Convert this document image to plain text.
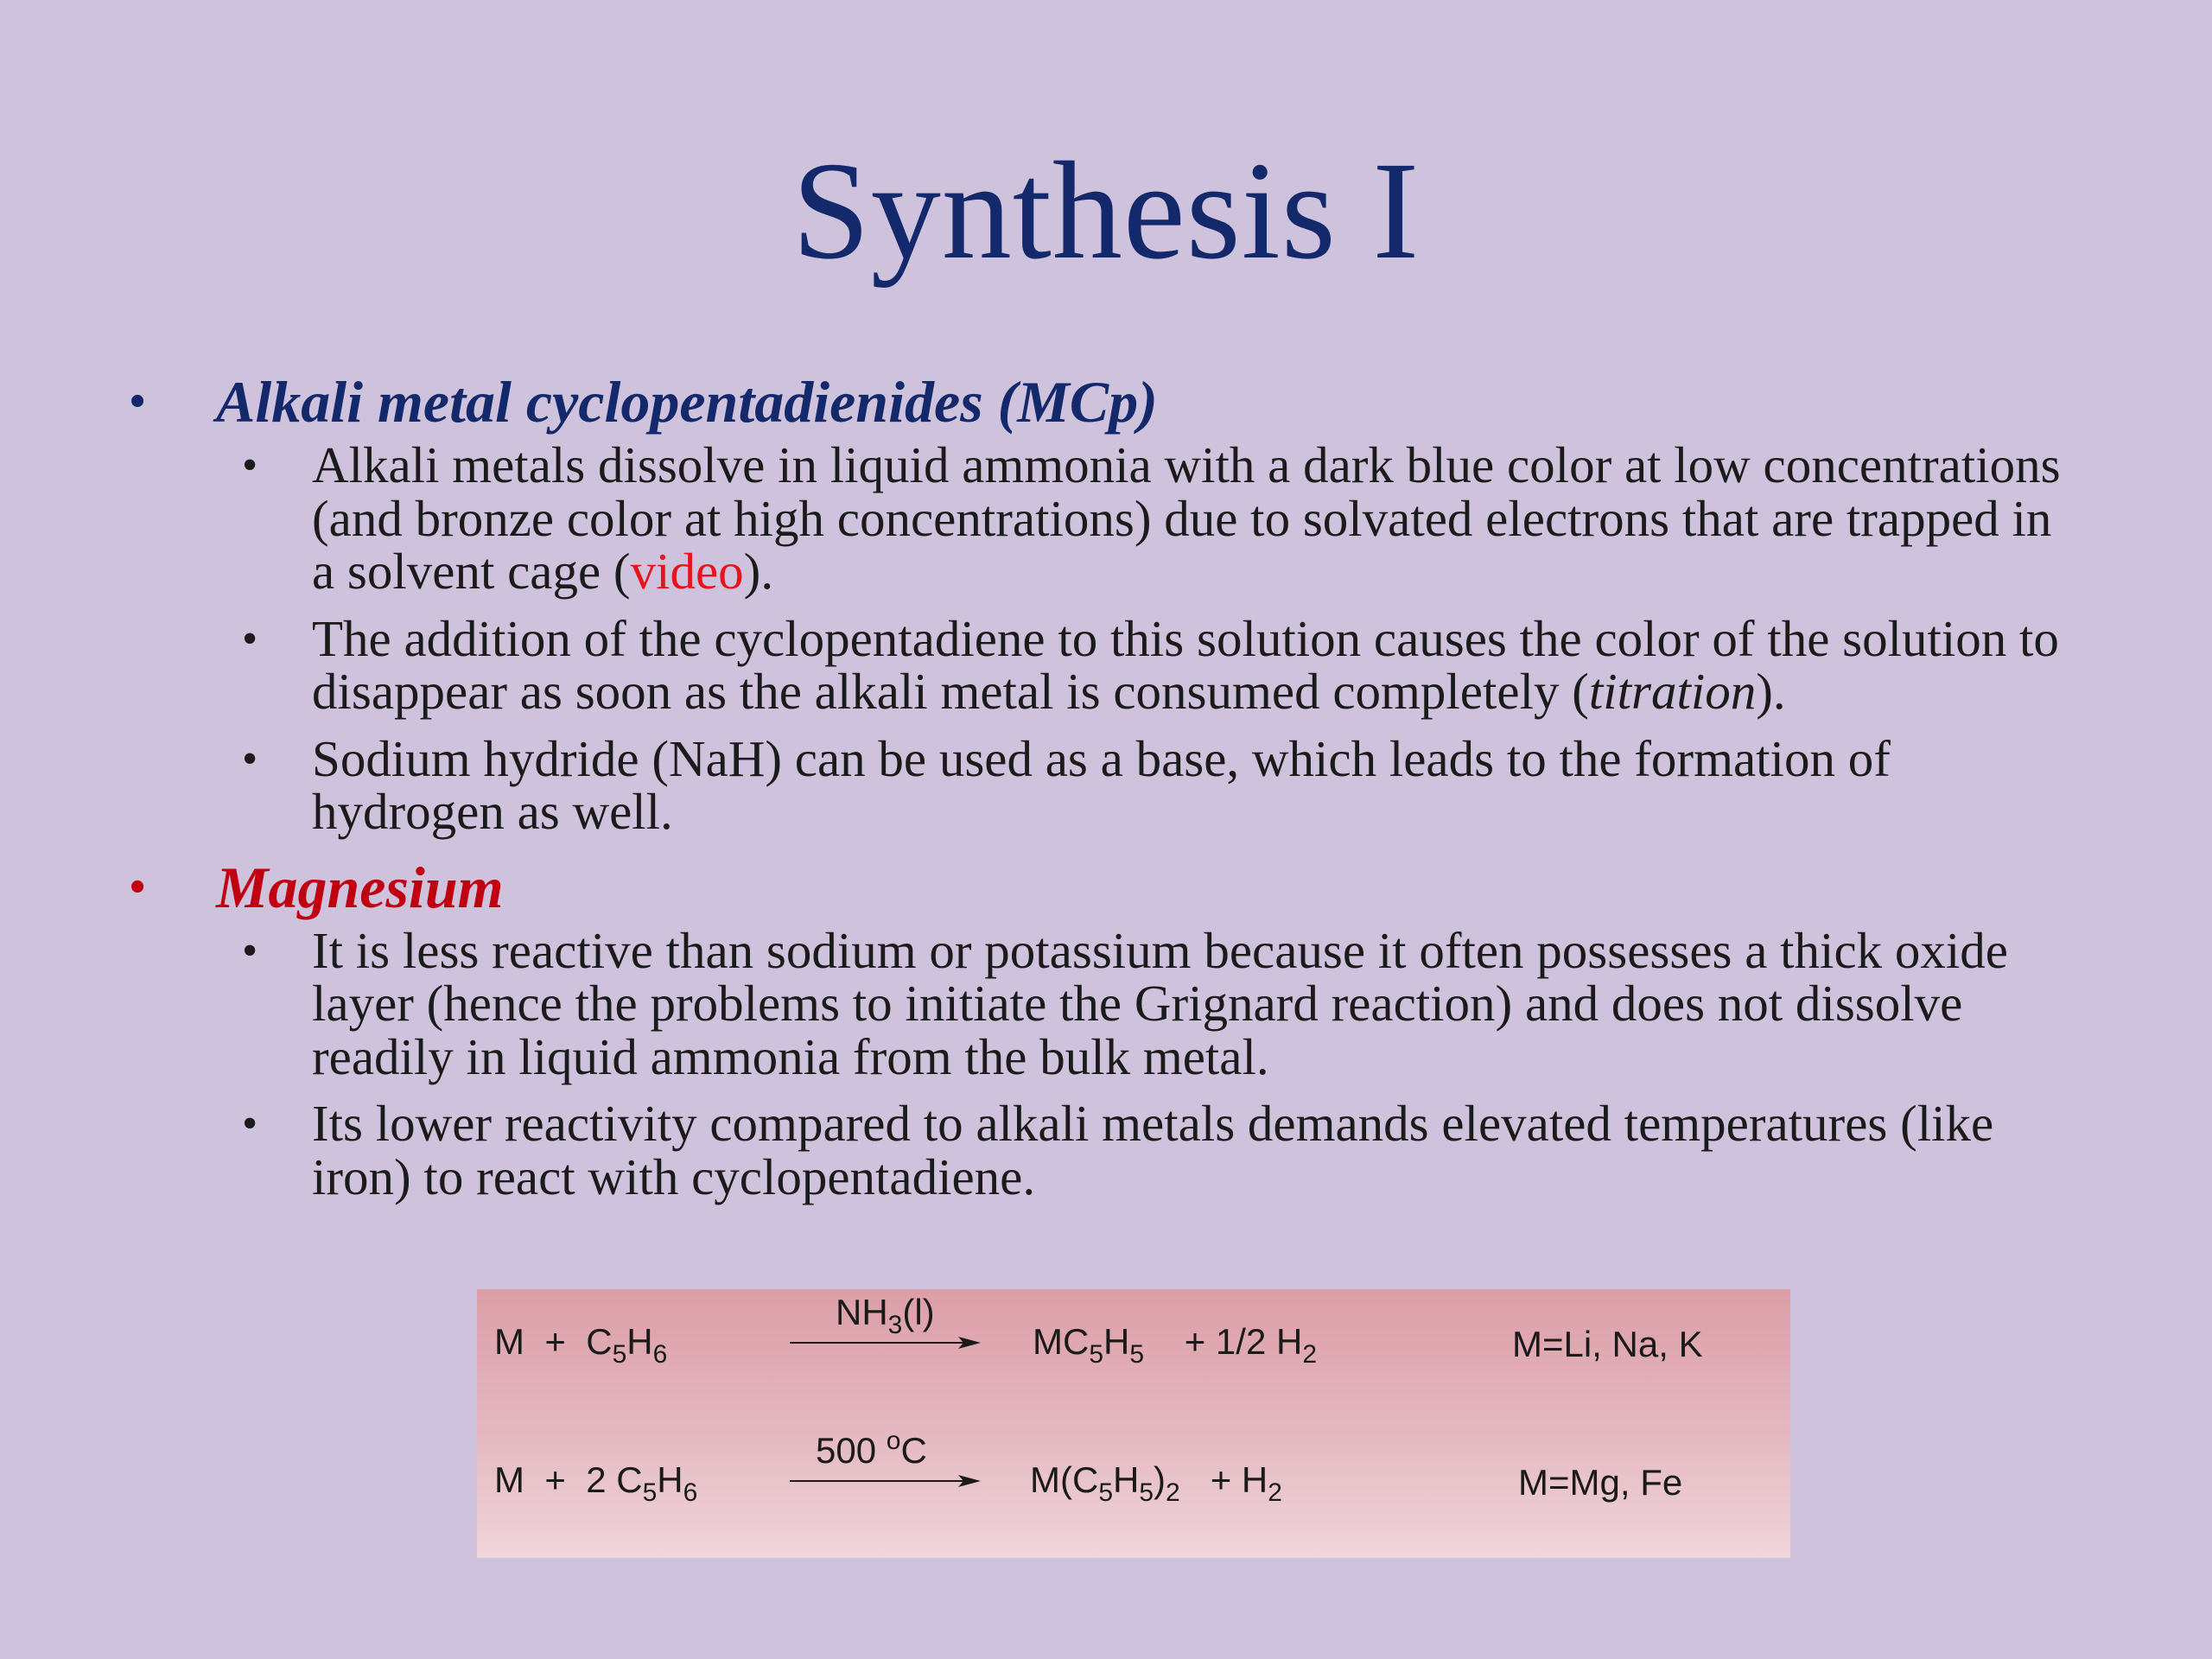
Synthesis I
• Alkali metal cyclopentadienides (MCp)
• Alkali metals dissolve in liquid ammonia with a dark blue color at low concentrations (and bronze color at high concentrations) due to solvated electrons that are trapped in a solvent cage (video).
• The addition of the cyclopentadiene to this solution causes the color of the solution to disappear as soon as the alkali metal is consumed completely (titration).
• Sodium hydride (NaH) can be used as a base, which leads to the formation of hydrogen as well.
• Magnesium
• It is less reactive than sodium or potassium because it often possesses a thick oxide layer (hence the problems to initiate the Grignard reaction) and does not dissolve readily in liquid ammonia from the bulk metal.
• Its lower reactivity compared to alkali metals demands elevated temperatures (like iron) to react with cyclopentadiene.
$M + C_5H_6$
$NH_3(l)$
$MC_5H_5 + 1/2$ $H_2$	M=Li, Na, K
M + 2 $C_5H_6$
500 $^o$C
$M(C_5H_5)_2 + H_2$	M=Mg, Fe
